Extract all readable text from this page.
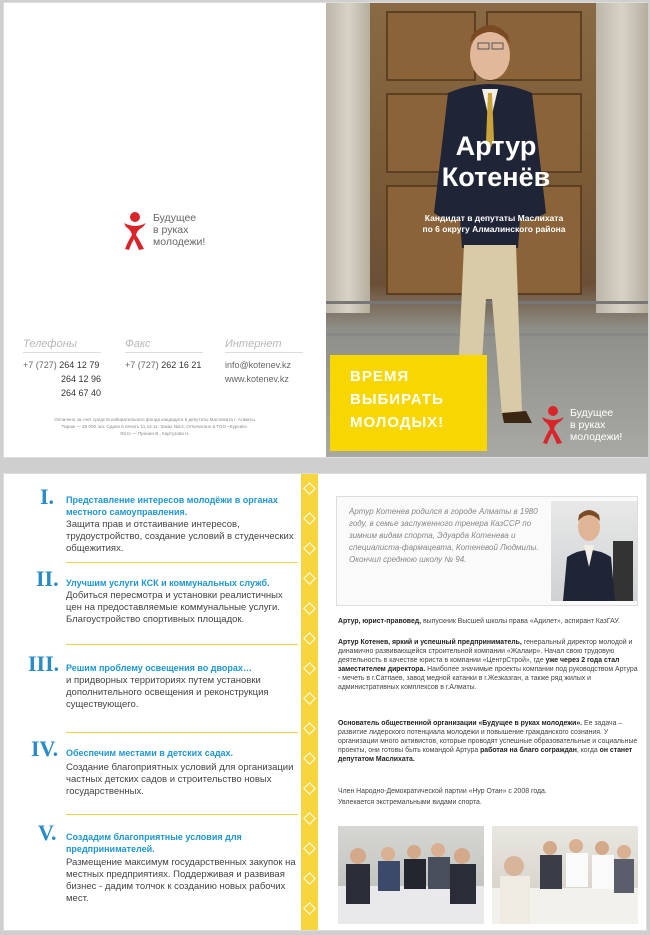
Будущее
в руках
молодежи!
Телефоны
+7 (727) 264 12 79
264 12 96
264 67 40
Факс
+7 (727) 262 16 21
Интернет
info@kotenev.kz
www.kotenev.kz
Оплачено за счет средств избирательного фонда кандидата в депутаты Маслихата г. Алматы.
Тираж — 29 000 экз. Сдано в печать 11.12.11. Заказ №12. Отпечатано в ТОО «Курсив».
Фото — Пронин В., Картузова Н.
Артур
Котенёв
Кандидат в депутаты Маслихата
по 6 округу Алмалинского района
ВРЕМЯ
ВЫБИРАТЬ
МОЛОДЫХ!
Будущее
в руках
молодежи!
I. Представление интересов молодёжи в органах местного самоуправления.
Защита прав и отстаивание интересов, трудоустройство, создание условий в студенческих общежитиях.
II. Улучшим услуги КСК и коммунальных служб.
Добиться пересмотра и установки реалистичных цен на предоставляемые коммунальные услуги. Благоустройство спортивных площадок.
III. Решим проблему освещения во дворах…
и придворных территориях путем установки дополнительного освещения и реконструкция существующего.
IV. Обеспечим местами в детских садах.
Создание благоприятных условий для организации частных детских садов и строительство новых государственных.
V. Создадим благоприятные условия для предпринимателей.
Размещение максимум государственных закупок на местных предприятиях. Поддерживая и развивая бизнес - дадим толчок к созданию новых рабочих мест.
Артур Котенев родился в городе Алматы в 1980 году, в семье заслуженного тренера КазССР по зимним видам спорта, Эдуарда Котенева и специалиста-фармацевта, Котеневой Людмилы. Окончил среднюю школу № 94.
Артур, юрист-правовед, выпускник Высшей школы права «Адилет», аспирант КазГАУ.
Артур Котенев, яркий и успешный предприниматель, генеральный директор молодой и динамично развивающейся строительной компании «Жалаир». Начал свою трудовую деятельность в качестве юриста в компании «ЦентрСтрой», где уже через 2 года стал заместителем директора. Наиболее значимые проекты компании под руководством Артура - мечеть в г.Сатпаев, завод медной катанки в г.Жезказган, а также ряд жилых и административных комплексов в г.Алматы.
Основатель общественной организации «Будущее в руках молодежи». Ее задача – развитие лидерского потенциала молодежи и повышение гражданского сознания. У организации много активистов, которые проводят успешные образовательные и социальные проекты, они готовы быть командой Артура работая на благо сограждан, когда он станет депутатом Маслихата.
Член Народно-Демократической партии «Нур Отан» с 2008 года.
Увлекается экстремальными видами спорта.
